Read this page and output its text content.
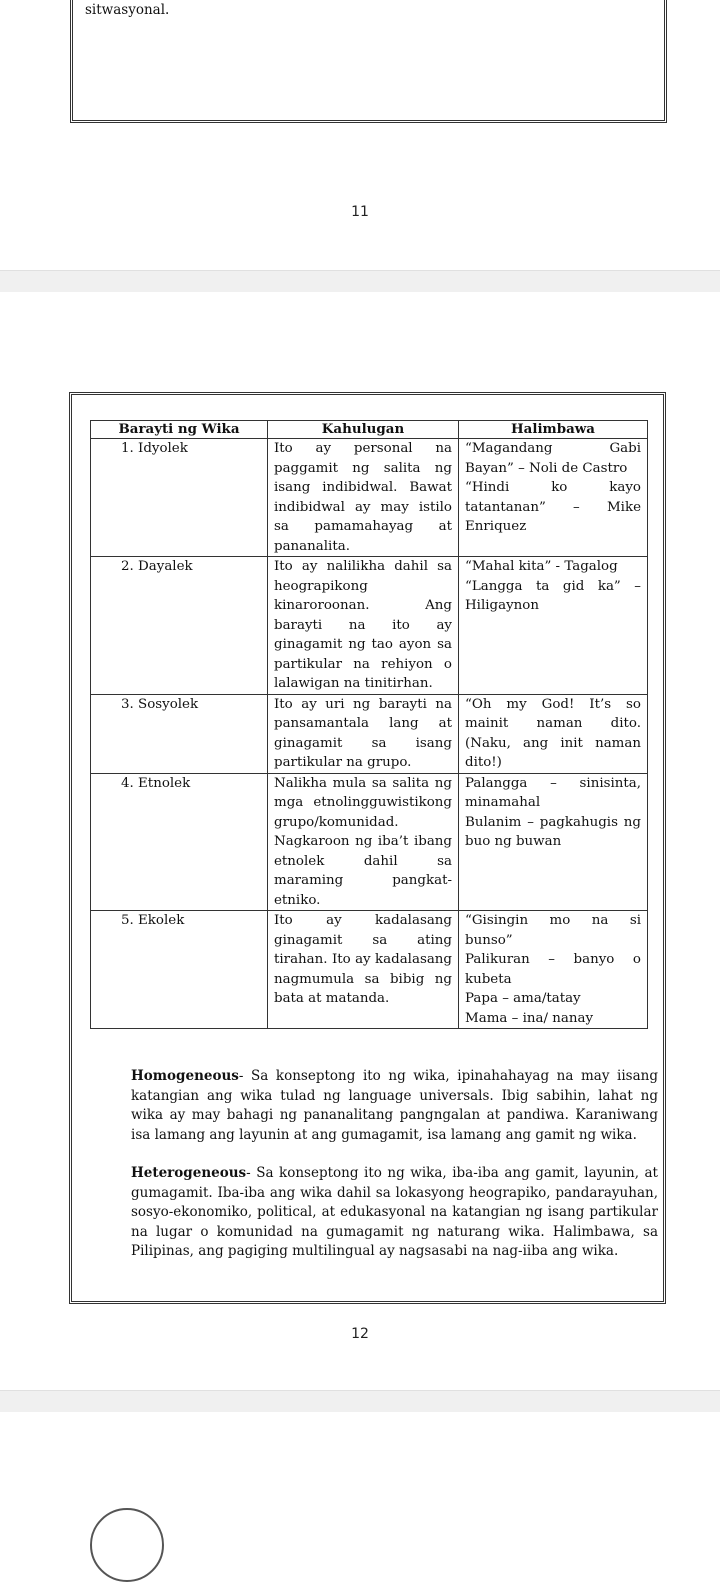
sitwasyonal.
11
Barayti ng Wika	Kahulugan	Halimbawa
1. Idyolek	Ito ay personal na paggamit ng salita ng isang indibidwal. Bawat indibidwal ay may istilo sa pamamahayag at pananalita.	“Magandang Gabi Bayan” – Noli de Castro
“Hindi ko kayo tatantanan” – Mike Enriquez

2. Dayalek	Ito ay nalilikha dahil sa heograpikong kinaroroonan. Ang barayti na ito ay ginagamit ng tao ayon sa partikular na rehiyon o lalawigan na tinitirhan.	“Mahal kita” - Tagalog
“Langga ta gid ka” – Hiligaynon

3. Sosyolek	Ito ay uri ng barayti na pansamantala lang at ginagamit sa isang partikular na grupo.	“Oh my God! It’s so mainit naman dito. (Naku, ang init naman dito!)

4. Etnolek	Nalikha mula sa salita ng mga etnolingguwistikong grupo/komunidad. Nagkaroon ng iba’t ibang etnolek dahil sa maraming pangkat-etniko.	Palangga – sinisinta, minamahal
Bulanim – pagkahugis ng buo ng buwan

5. Ekolek	Ito ay kadalasang ginagamit sa ating tirahan. Ito ay kadalasang nagmumula sa bibig ng bata at matanda.	“Gisingin mo na si bunso”
Palikuran – banyo o kubeta
Papa – ama/tatay
Mama – ina/ nanay
Homogeneous- Sa konseptong ito ng wika, ipinahahayag na may iisang katangian ang wika tulad ng language universals. Ibig sabihin, lahat ng wika ay may bahagi ng pananalitang pangngalan at pandiwa. Karaniwang isa lamang ang layunin at ang gumagamit, isa lamang ang gamit ng wika.
Heterogeneous- Sa konseptong ito ng wika, iba-iba ang gamit, layunin, at gumagamit. Iba-iba ang wika dahil sa lokasyong heograpiko, pandarayuhan, sosyo-ekonomiko, political, at edukasyonal na katangian ng isang partikular na lugar o komunidad na gumagamit ng naturang wika. Halimbawa, sa Pilipinas, ang pagiging multilingual ay nagsasabi na nag-iiba ang wika.
12
